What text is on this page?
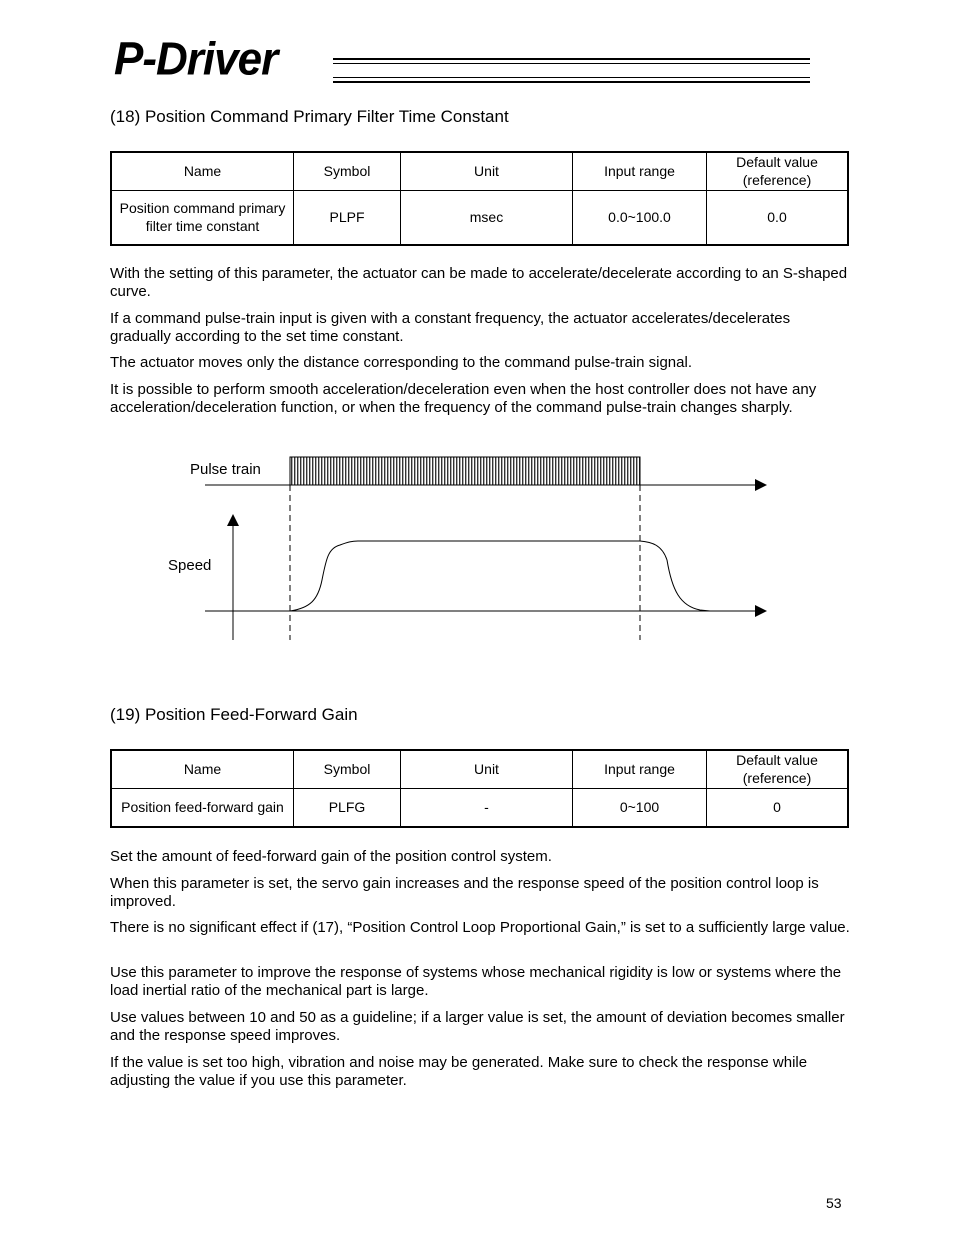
P-Driver
(18) Position Command Primary Filter Time Constant
Name	Symbol	Unit	Input range	Default value (reference)
Position command primary filter time constant	PLPF	msec	0.0~100.0	0.0
With the setting of this parameter, the actuator can be made to accelerate/decelerate according to an S-shaped curve.
If a command pulse-train input is given with a constant frequency, the actuator accelerates/decelerates gradually according to the set time constant.
The actuator moves only the distance corresponding to the command pulse-train signal.
It is possible to perform smooth acceleration/deceleration even when the host controller does not have any acceleration/deceleration function, or when the frequency of the command pulse-train changes sharply.
Pulse train
Speed
(19) Position Feed-Forward Gain
Name	Symbol	Unit	Input range	Default value (reference)
Position feed-forward gain	PLFG	-	0~100	0
Set the amount of feed-forward gain of the position control system.
When this parameter is set, the servo gain increases and the response speed of the position control loop is improved.
There is no significant effect if (17), “Position Control Loop Proportional Gain,” is set to a sufficiently large value.
Use this parameter to improve the response of systems whose mechanical rigidity is low or systems where the load inertial ratio of the mechanical part is large.
Use values between 10 and 50 as a guideline; if a larger value is set, the amount of deviation becomes smaller and the response speed improves.
If the value is set too high, vibration and noise may be generated. Make sure to check the response while adjusting the value if you use this parameter.
53
